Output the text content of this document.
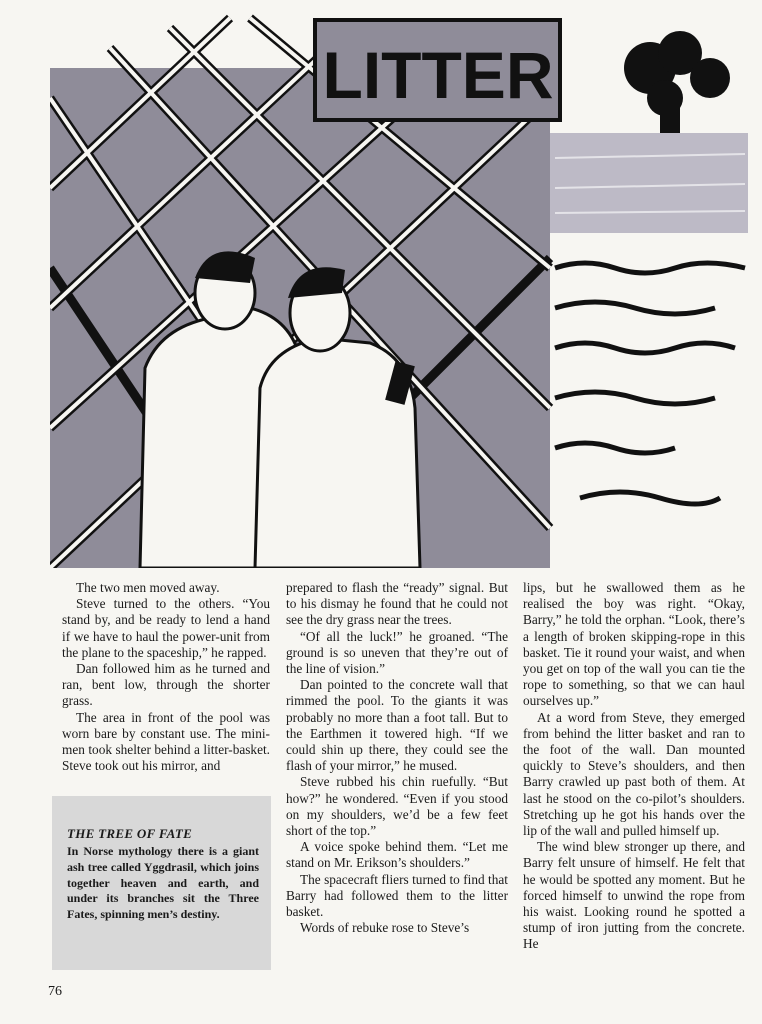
LITTER

The two men moved away.

Steve turned to the others. “You stand by, and be ready to lend a hand if we have to haul the power-unit from the plane to the spaceship,” he rapped.

Dan followed him as he turned and ran, bent low, through the shorter grass.

The area in front of the pool was worn bare by constant use. The mini-men took shelter behind a litter-basket. Steve took out his mirror, and

THE TREE OF FATE
In Norse mythology there is a giant ash tree called Yggdrasil, which joins together heaven and earth, and under its branches sit the Three Fates, spinning men’s destiny.

prepared to flash the “ready” signal. But to his dismay he found that he could not see the dry grass near the trees.

“Of all the luck!” he groaned. “The ground is so uneven that they’re out of the line of vision.”

Dan pointed to the concrete wall that rimmed the pool. To the giants it was probably no more than a foot tall. But to the Earthmen it towered high. “If we could shin up there, they could see the flash of your mirror,” he mused.

Steve rubbed his chin ruefully. “But how?” he wondered. “Even if you stood on my shoulders, we’d be a few feet short of the top.”

A voice spoke behind them. “Let me stand on Mr. Erikson’s shoulders.”

The spacecraft fliers turned to find that Barry had followed them to the litter basket.

Words of rebuke rose to Steve’s

lips, but he swallowed them as he realised the boy was right. “Okay, Barry,” he told the orphan. “Look, there’s a length of broken skipping-rope in this basket. Tie it round your waist, and when you get on top of the wall you can tie the rope to something, so that we can haul ourselves up.”

At a word from Steve, they emerged from behind the litter basket and ran to the foot of the wall. Dan mounted quickly to Steve’s shoulders, and then Barry crawled up past both of them. At last he stood on the co-pilot’s shoulders. Stretching up he got his hands over the lip of the wall and pulled himself up.

The wind blew stronger up there, and Barry felt unsure of himself. He felt that he would be spotted any moment. But he forced himself to unwind the rope from his waist. Looking round he spotted a stump of iron jutting from the concrete. He

76
